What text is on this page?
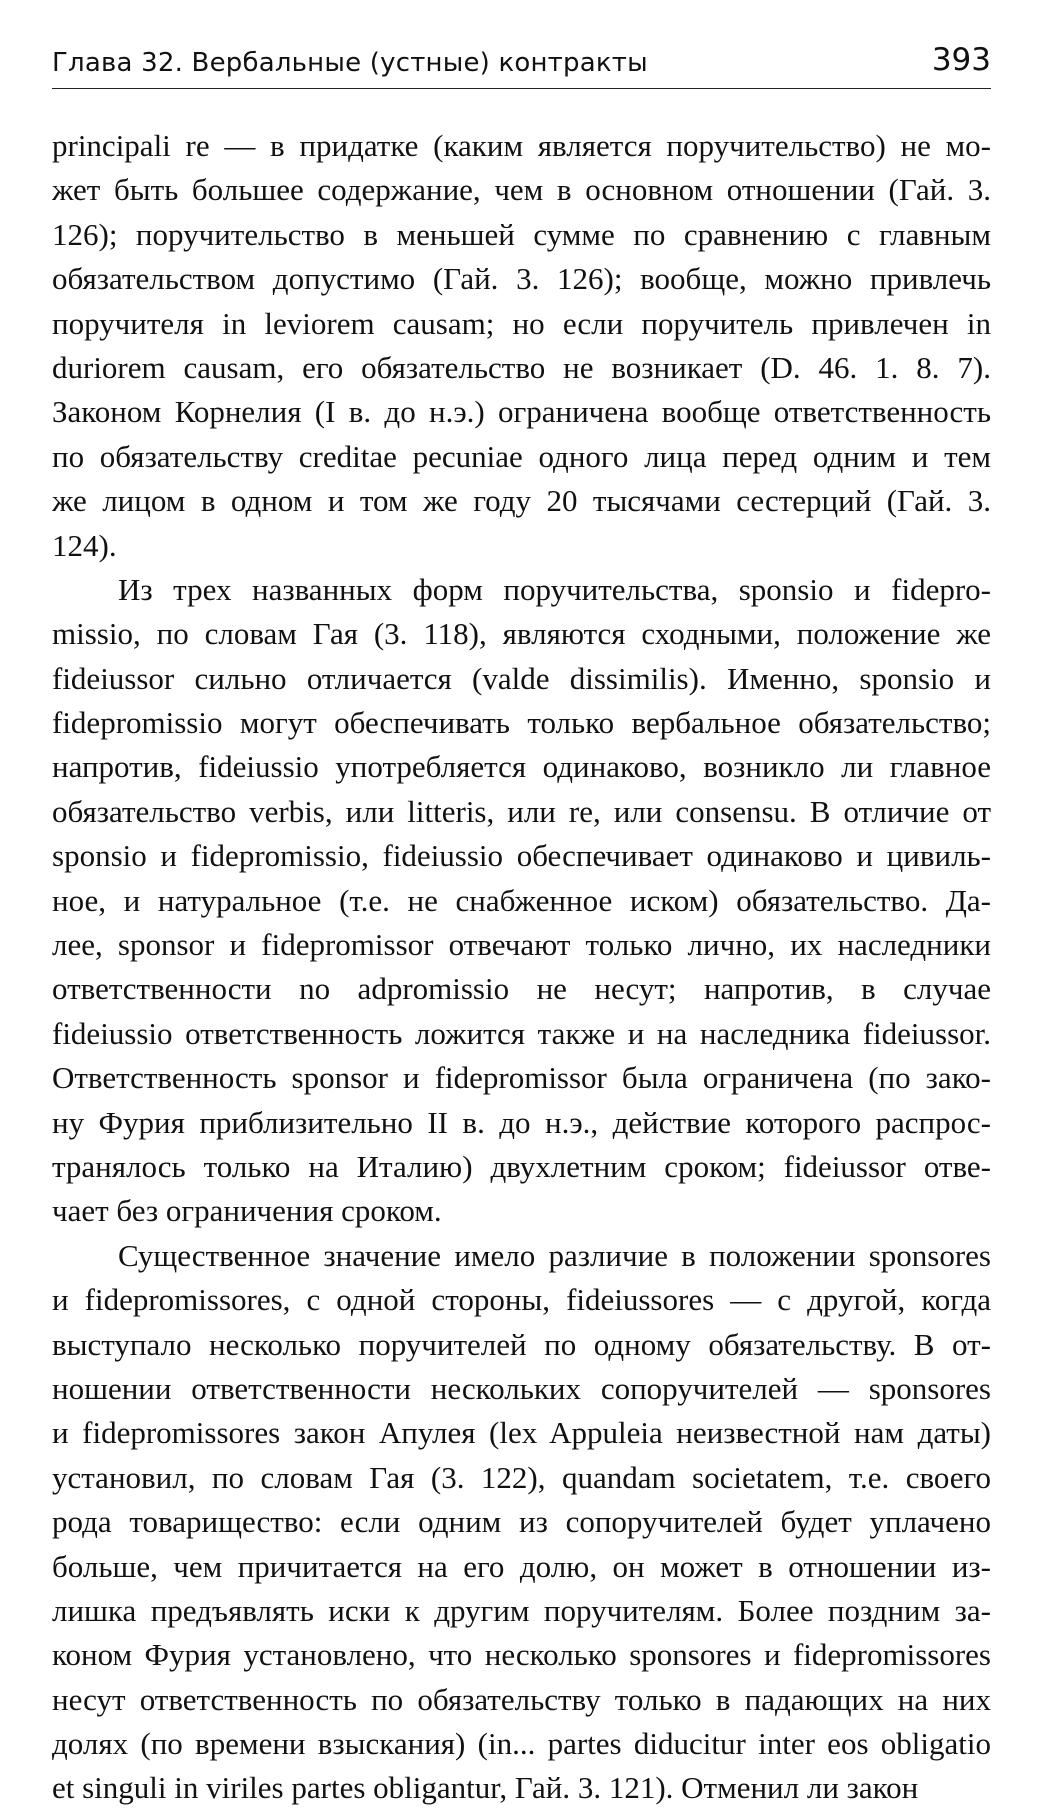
Глава 32. Вербальные (устные) контракты	393

principali re — в придатке (каким является поручительство) не мо-
жет быть большее содержание, чем в основном отношении (Гай. 3.
126); поручительство в меньшей сумме по сравнению с главным
обязательством допустимо (Гай. 3. 126); вообще, можно привлечь
поручителя in leviorem causam; но если поручитель привлечен in
duriorem causam, его обязательство не возникает (D. 46. 1. 8. 7).
Законом Корнелия (I в. до н.э.) ограничена вообще ответственность
по обязательству creditae pecuniae одного лица перед одним и тем
же лицом в одном и том же году 20 тысячами сестерций (Гай. 3.
124).

Из трех названных форм поручительства, sponsio и fidepro-
missio, по словам Гая (3. 118), являются сходными, положение же
fideiussor сильно отличается (valde dissimilis). Именно, sponsio и
fidepromissio могут обеспечивать только вербальное обязательство;
напротив, fideiussio употребляется одинаково, возникло ли главное
обязательство verbis, или litteris, или re, или consensu. В отличие от
sponsio и fidepromissio, fideiussio обеспечивает одинаково и цивиль-
ное, и натуральное (т.е. не снабженное иском) обязательство. Да-
лее, sponsor и fidepromissor отвечают только лично, их наследники
ответственности no adpromissio не несут; напротив, в случае
fideiussio ответственность ложится также и на наследника fideiussor.
Ответственность sponsor и fidepromissor была ограничена (по зако-
ну Фурия приблизительно II в. до н.э., действие которого распрос-
транялось только на Италию) двухлетним сроком; fideiussor отве-
чает без ограничения сроком.

Существенное значение имело различие в положении sponsores
и fidepromissores, с одной стороны, fideiussores — с другой, когда
выступало несколько поручителей по одному обязательству. В от-
ношении ответственности нескольких сопоручителей — sponsores
и fidepromissores закон Апулея (lex Appuleia неизвестной нам даты)
установил, по словам Гая (3. 122), quandam societatem, т.е. своего
рода товарищество: если одним из сопоручителей будет уплачено
больше, чем причитается на его долю, он может в отношении из-
лишка предъявлять иски к другим поручителям. Более поздним за-
коном Фурия установлено, что несколько sponsores и fidepromissores
несут ответственность по обязательству только в падающих на них
долях (по времени взыскания) (in... partes diducitur inter eos obligatio
et singuli in viriles partes obligantur, Гай. 3. 121). Отменил ли закон
